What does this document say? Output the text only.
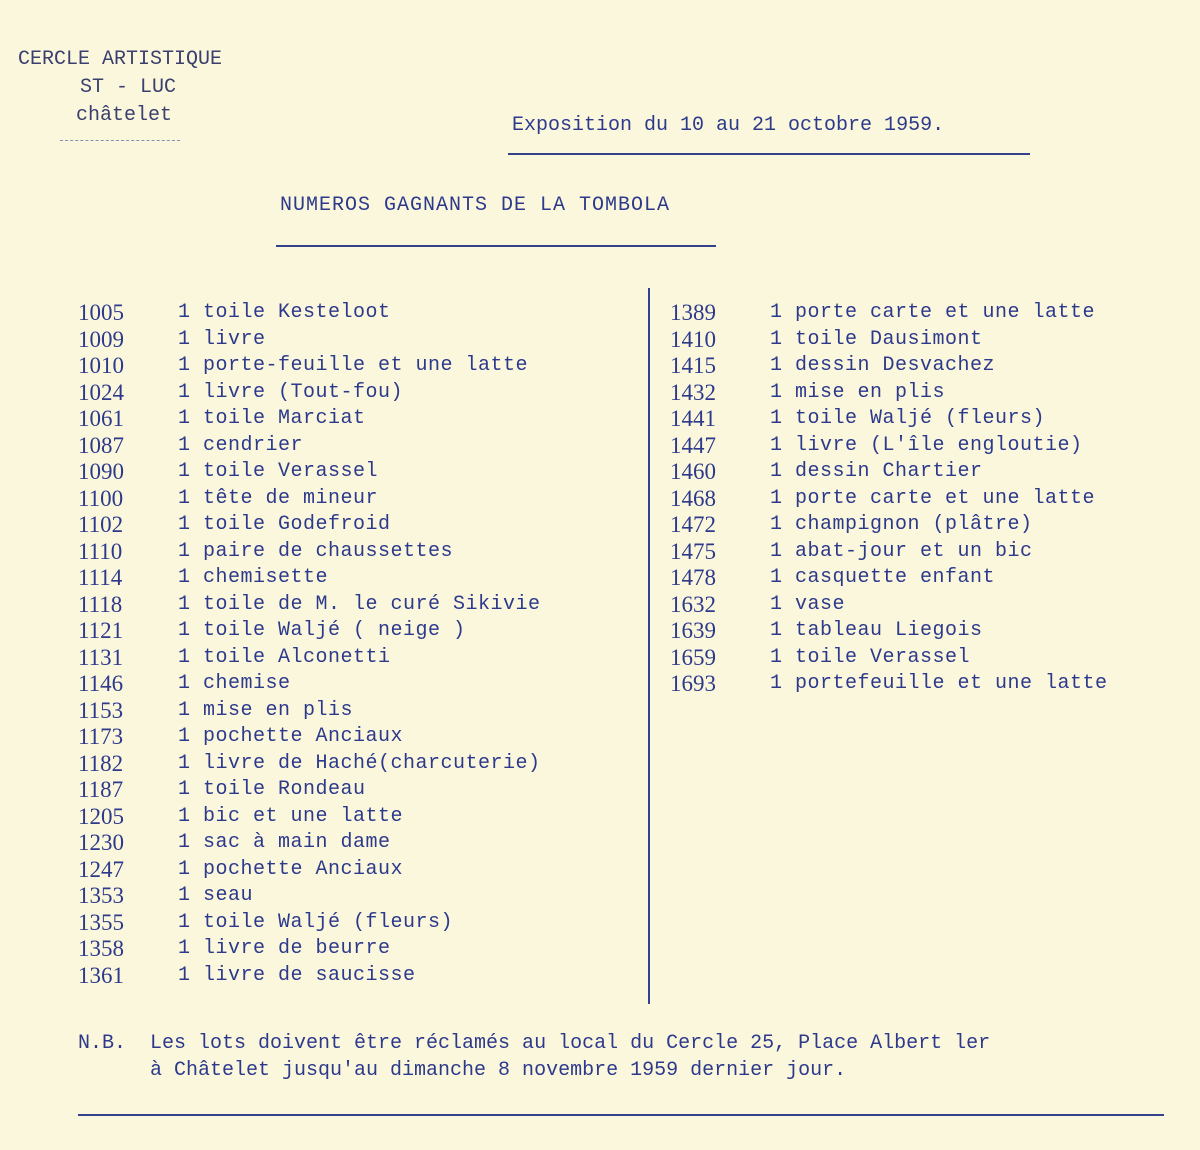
CERCLE ARTISTIQUE
ST - LUC
châtelet	Exposition du 10 au 21 octobre 1959.
NUMEROS GAGNANTS DE LA TOMBOLA
1005	1 toile Kesteloot
1009	1 livre
1010	1 porte-feuille et une latte
1024	1 livre (Tout-fou)
1061	1 toile Marciat
1087	1 cendrier
1090	1 toile Verassel
1100	1 tête de mineur
1102	1 toile Godefroid
1110	1 paire de chaussettes
1114	1 chemisette
1118	1 toile de M. le curé Sikivie
1121	1 toile Waljé ( neige )
1131	1 toile Alconetti
1146	1 chemise
1153	1 mise en plis
1173	1 pochette Anciaux
1182	1 livre de Haché(charcuterie)
1187	1 toile Rondeau
1205	1 bic et une latte
1230	1 sac à main dame
1247	1 pochette Anciaux
1353	1 seau
1355	1 toile Waljé (fleurs)
1358	1 livre de beurre
1361	1 livre de saucisse
1389	1 porte carte et une latte
1410	1 toile Dausimont
1415	1 dessin Desvachez
1432	1 mise en plis
1441	1 toile Waljé (fleurs)
1447	1 livre (L'île engloutie)
1460	1 dessin Chartier
1468	1 porte carte et une latte
1472	1 champignon (plâtre)
1475	1 abat-jour et un bic
1478	1 casquette enfant
1632	1 vase
1639	1 tableau Liegois
1659	1 toile Verassel
1693	1 portefeuille et une latte
N.B. Les lots doivent être réclamés au local du Cercle 25, Place Albert ler
à Châtelet jusqu'au dimanche 8 novembre 1959 dernier jour.
